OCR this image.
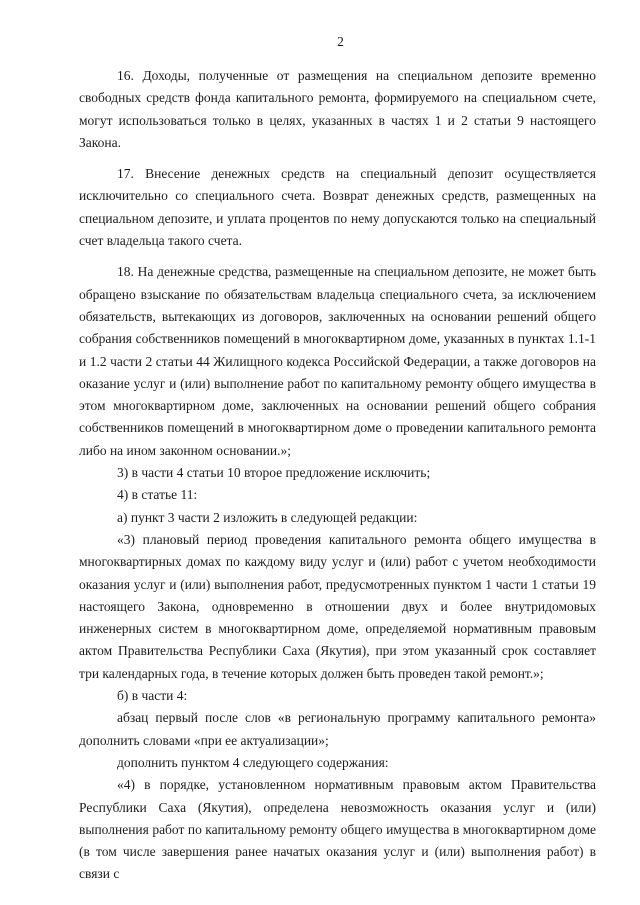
2

16. Доходы, полученные от размещения на специальном депозите временно свободных средств фонда капитального ремонта, формируемого на специальном счете, могут использоваться только в целях, указанных в частях 1 и 2 статьи 9 настоящего Закона.

17. Внесение денежных средств на специальный депозит осуществляется исключительно со специального счета. Возврат денежных средств, размещенных на специальном депозите, и уплата процентов по нему допускаются только на специальный счет владельца такого счета.

18. На денежные средства, размещенные на специальном депозите, не может быть обращено взыскание по обязательствам владельца специального счета, за исключением обязательств, вытекающих из договоров, заключенных на основании решений общего собрания собственников помещений в многоквартирном доме, указанных в пунктах 1.1-1 и 1.2 части 2 статьи 44 Жилищного кодекса Российской Федерации, а также договоров на оказание услуг и (или) выполнение работ по капитальному ремонту общего имущества в этом многоквартирном доме, заключенных на основании решений общего собрания собственников помещений в многоквартирном доме о проведении капитального ремонта либо на ином законном основании.»;

3) в части 4 статьи 10 второе предложение исключить;

4) в статье 11:

а) пункт 3 части 2 изложить в следующей редакции:

«3) плановый период проведения капитального ремонта общего имущества в многоквартирных домах по каждому виду услуг и (или) работ с учетом необходимости оказания услуг и (или) выполнения работ, предусмотренных пунктом 1 части 1 статьи 19 настоящего Закона, одновременно в отношении двух и более внутридомовых инженерных систем в многоквартирном доме, определяемой нормативным правовым актом Правительства Республики Саха (Якутия), при этом указанный срок составляет три календарных года, в течение которых должен быть проведен такой ремонт.»;

б) в части 4:

абзац первый после слов «в региональную программу капитального ремонта» дополнить словами «при ее актуализации»;

дополнить пунктом 4 следующего содержания:

«4) в порядке, установленном нормативным правовым актом Правительства Республики Саха (Якутия), определена невозможность оказания услуг и (или) выполнения работ по капитальному ремонту общего имущества в многоквартирном доме (в том числе завершения ранее начатых оказания услуг и (или) выполнения работ) в связи с
